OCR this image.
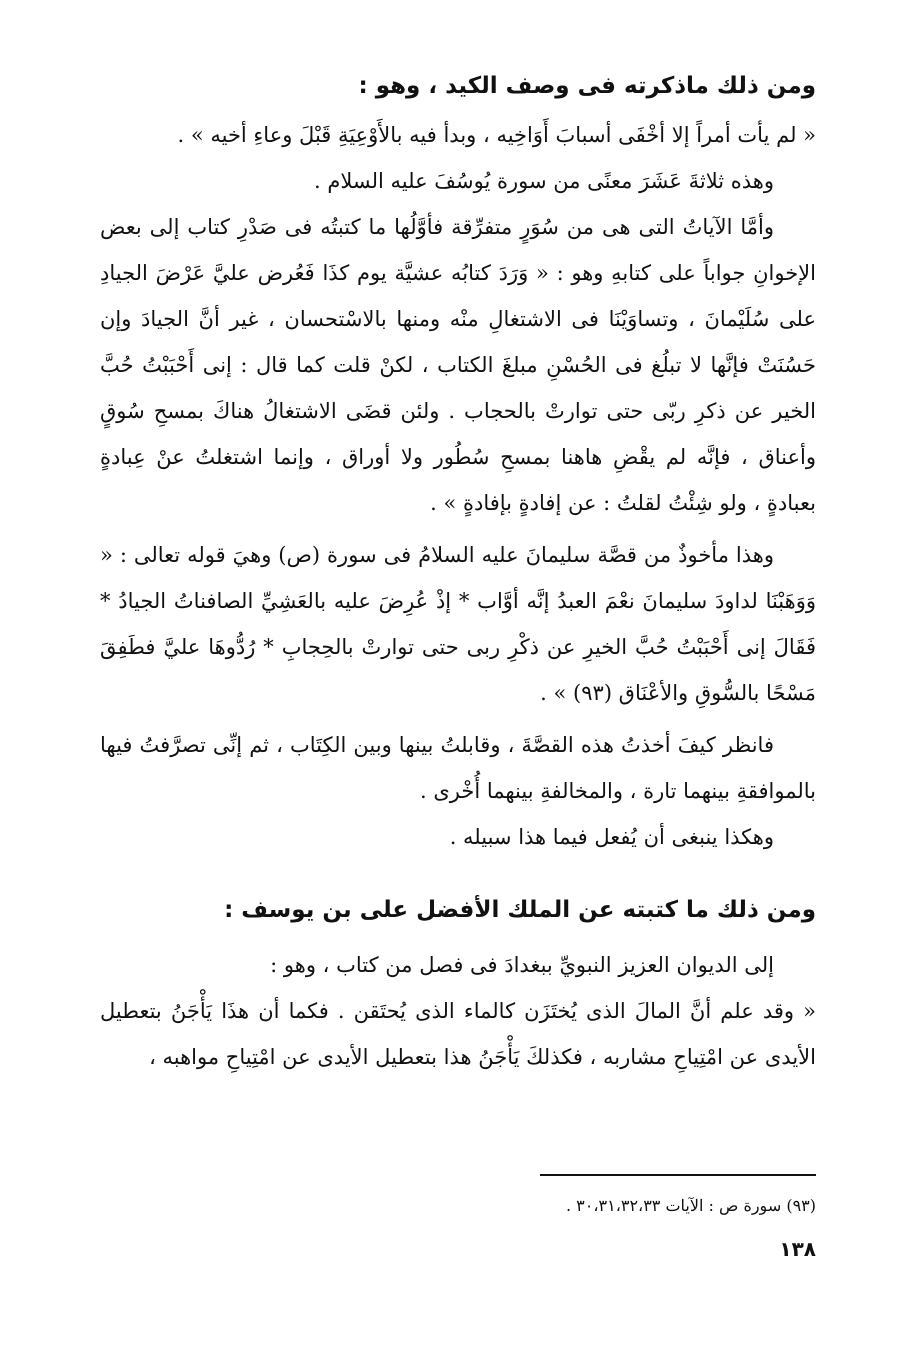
ومن ذلك ماذكرته فى وصف الكيد ، وهو :

« لم يأت أمراً إلا أخْفَى أسبابَ أَوَاخِيه ، وبدأ فيه بالأَوْعِيَةِ قَبْلَ وعاءِ أخيه » .

وهذه ثلاثةَ عَشَرَ معنًى من سورة يُوسُفَ عليه السلام .

وأمَّا الآياتُ التى هى من سُوَرٍ متفرِّقة فأوَّلُها ما كتبتُه فى صَدْرِ كتاب إلى بعض الإخوانِ جواباً على كتابهِ وهو : « وَرَدَ كتابُه عشيَّة يوم كذَا فَعُرض عليَّ عَرْضَ الجيادِ على سُلَيْمانَ ، وتساوَيْنَا فى الاشتغالِ منْه ومنها بالاسْتحسان ، غير أنَّ الجيادَ وإن حَسُنَتْ فإنَّها لا تبلُغ فى الحُسْنِ مبلغَ الكتاب ، لكنْ قلت كما قال : إنى أَحْبَبْتُ حُبَّ الخير عن ذكرِ ربّى حتى توارتْ بالحجاب . ولئن قضَى الاشتغالُ هناكَ بمسحِ سُوقٍ وأعناق ، فإنَّه لم يقْضِ هاهنا بمسحِ سُطُور ولا أوراق ، وإنما اشتغلتُ عنْ عِبادةٍ بعبادةٍ ، ولو شِئْتُ لقلتُ : عن إفادةٍ بإفادةٍ » .

وهذا مأخوذٌ من قصَّة سليمانَ عليه السلامُ فى سورة (ص) وهيَ قوله تعالى : « وَوَهَبْنَا لداودَ سليمانَ نعْمَ العبدُ إنَّه أوَّاب * إذْ عُرِضَ عليه بالعَشِيِّ الصافناتُ الجيادُ * فَقَالَ إنى أَحْبَبْتُ حُبَّ الخيرِ عن ذكْرِ ربى حتى توارتْ بالحِجابِ * رُدُّوهَا عليَّ فطَفِقَ مَسْحًا بالسُّوقِ والأعْنَاق (٩٣) » .

فانظر كيفَ أخذتُ هذه القصَّةَ ، وقابلتُ بينها وبين الكِتَاب ، ثم إنِّى تصرَّفتُ فيها بالموافقةِ بينهما تارة ، والمخالفةِ بينهما أُخْرى .

وهكذا ينبغى أن يُفعل فيما هذا سبيله .

ومن ذلك ما كتبته عن الملك الأفضل على بن يوسف :

إلى الديوان العزيز النبويِّ ببغدادَ فى فصل من كتاب ، وهو :

« وقد علم أنَّ المالَ الذى يُختَزَن كالماء الذى يُحتَقن . فكما أن هذَا يَأْجَنُ بتعطيل الأيدى عن امْتِياحِ مشاربه ، فكذلكَ يَأْجَنُ هذا بتعطيل الأيدى عن امْتِياحِ مواهبه ،

(٩٣) سورة ص : الآيات ٣٠،٣١،٣٢،٣٣ .
١٣٨
